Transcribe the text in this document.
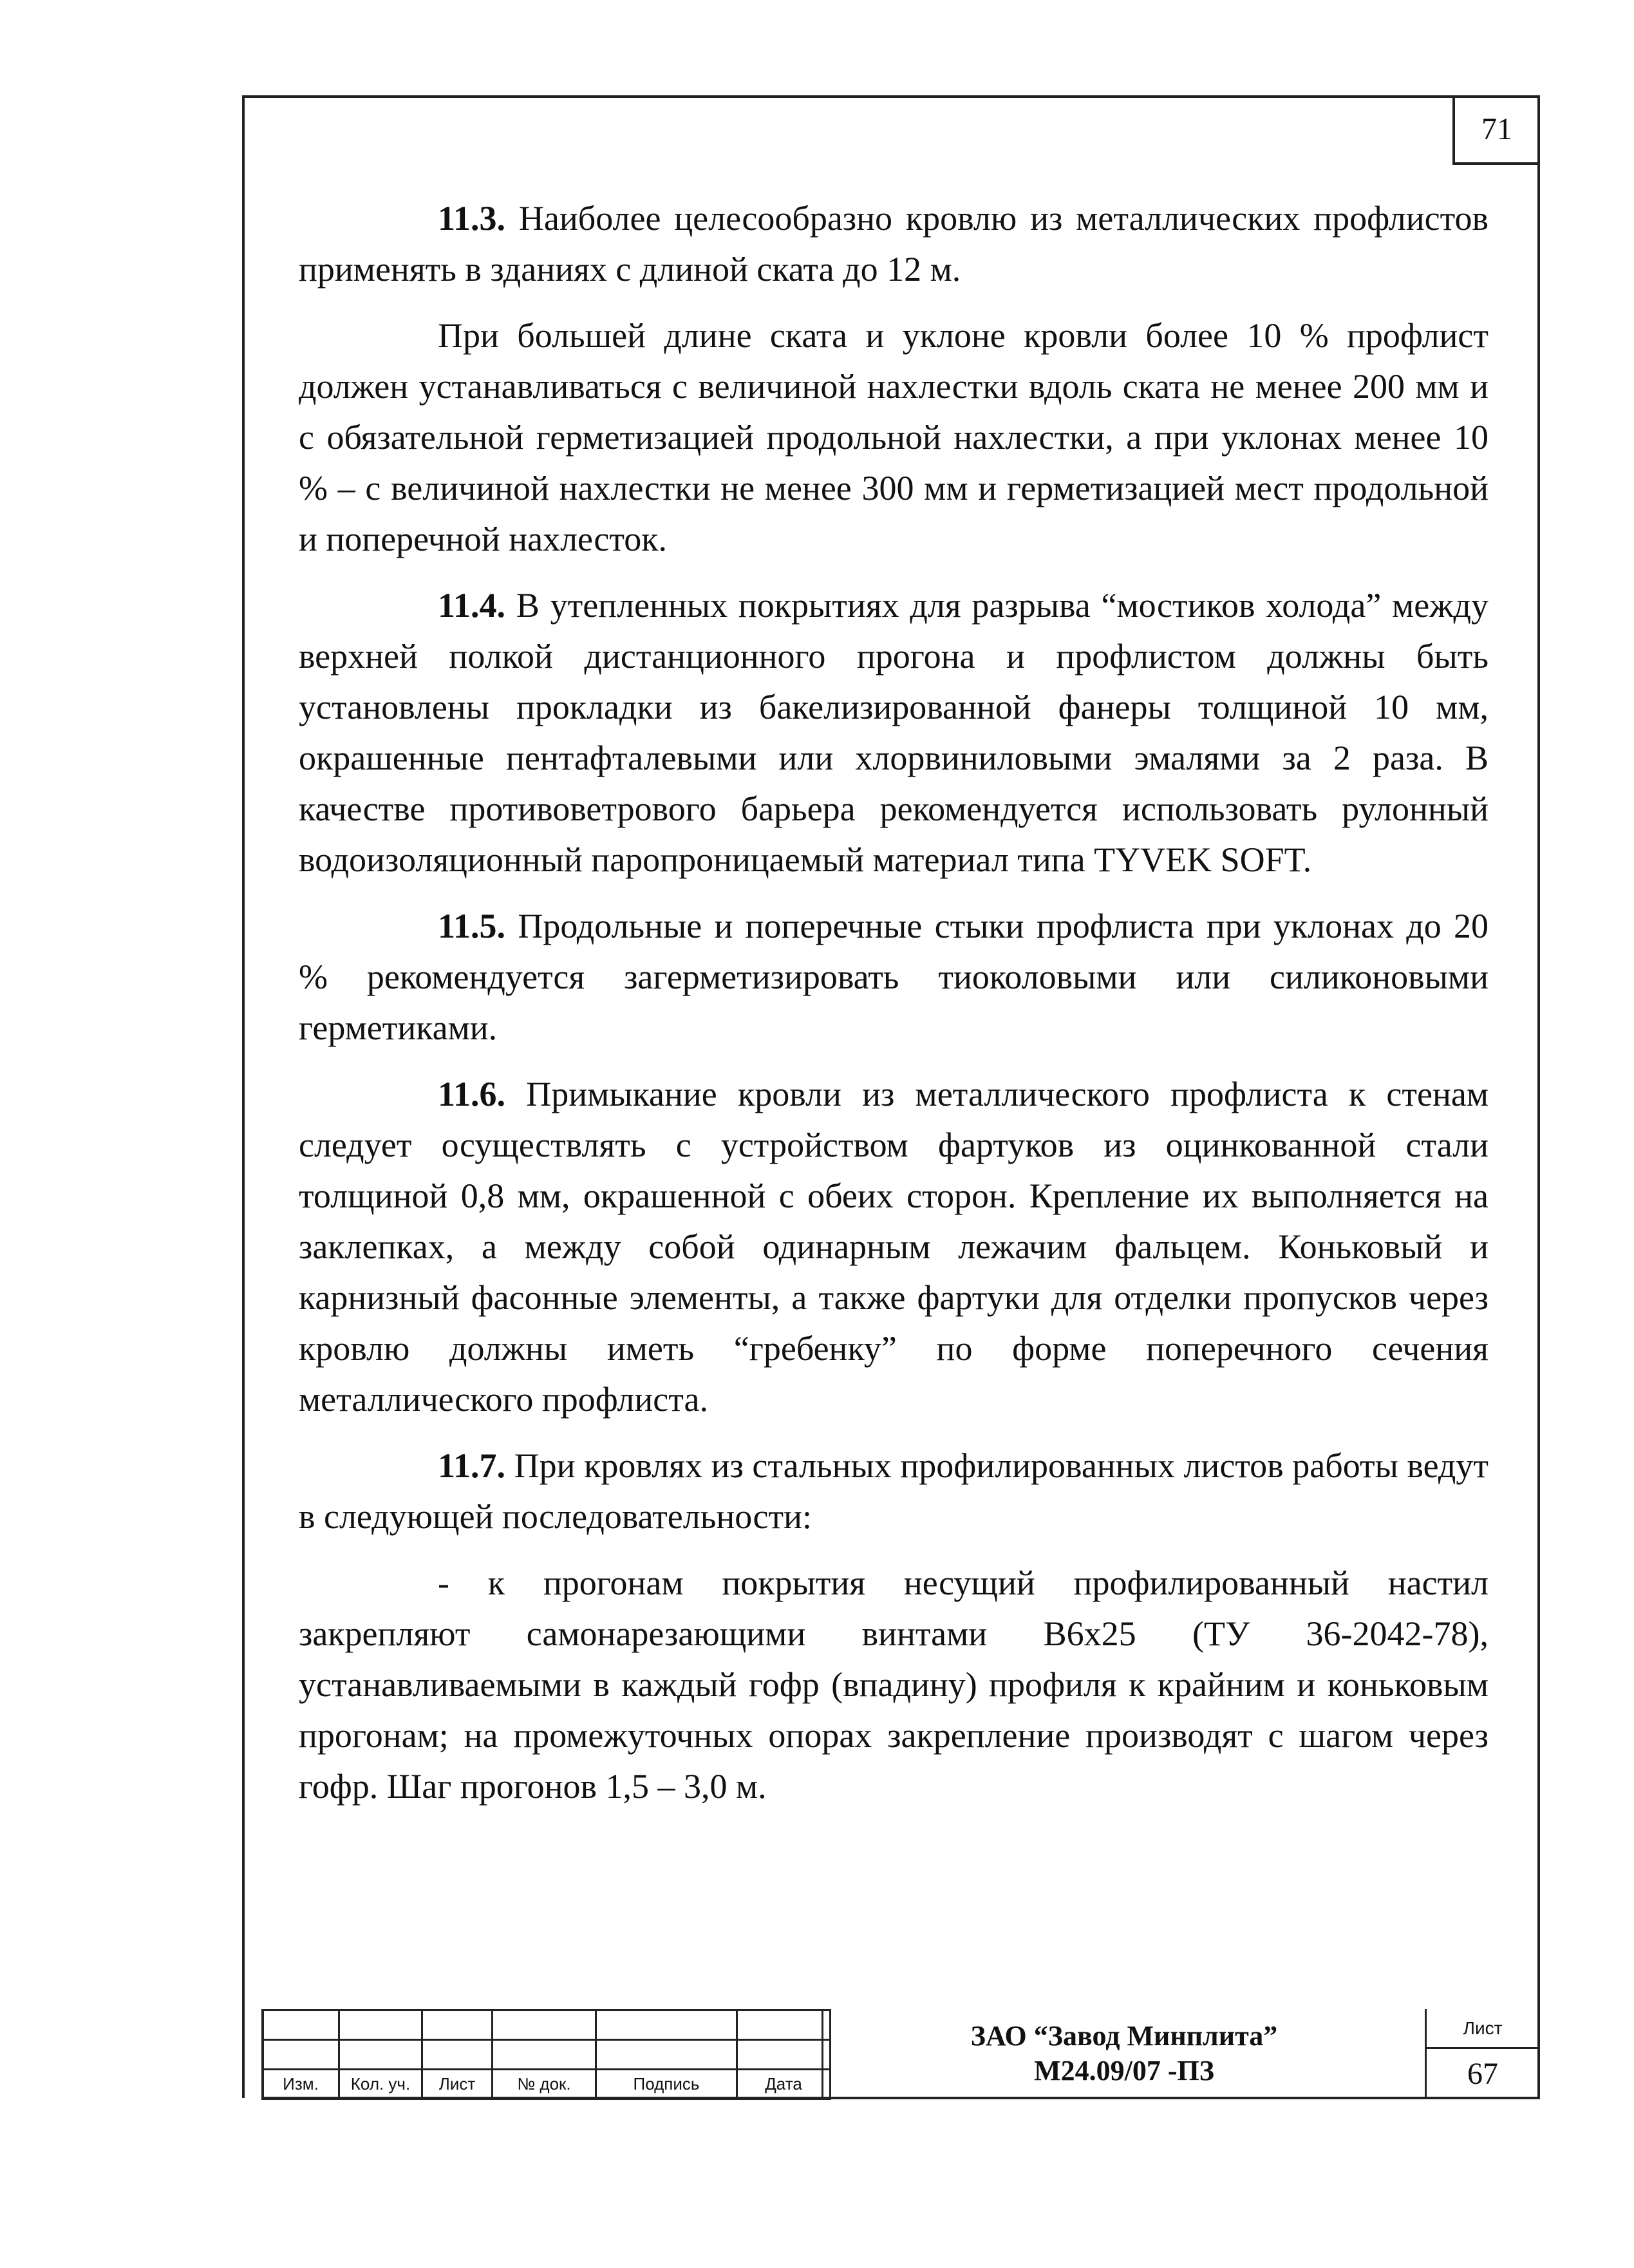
71

11.3. Наиболее целесообразно кровлю из металлических профлистов применять в зданиях с длиной ската до 12 м.

При большей длине ската и уклоне кровли более 10 % профлист должен устанавливаться с величиной нахлестки вдоль ската не менее 200 мм и с обязательной герметизацией продольной нахлестки, а при уклонах менее 10 % – с величиной нахлестки не менее 300 мм и герметизацией мест продольной и поперечной нахлесток.

11.4. В утепленных покрытиях для разрыва “мостиков холода” между верхней полкой дистанционного прогона и профлистом должны быть установлены прокладки из бакелизированной фанеры толщиной 10 мм, окрашенные пентафталевыми или хлорвиниловыми эмалями за 2 раза. В качестве противоветрового барьера рекомендуется использовать рулонный водоизоляционный паропроницаемый материал типа TYVEK SOFT.

11.5. Продольные и поперечные стыки профлиста при уклонах до 20 % рекомендуется загерметизировать тиоколовыми или силиконовыми герметиками.

11.6. Примыкание кровли из металлического профлиста к стенам следует осуществлять с устройством фартуков из оцинкованной стали толщиной 0,8 мм, окрашенной с обеих сторон. Крепление их выполняется на заклепках, а между собой одинарным лежачим фальцем. Коньковый и карнизный фасонные элементы, а также фартуки для отделки пропусков через кровлю должны иметь “гребенку” по форме поперечного сечения металлического профлиста.

11.7. При кровлях из стальных профилированных листов работы ведут в следующей последовательности:

- к прогонам покрытия несущий профилированный настил закрепляют самонарезающими винтами B6x25 (ТУ 36-2042-78), устанавливаемыми в каждый гофр (впадину) профиля к крайним и коньковым прогонам; на промежуточных опорах закрепление производят с шагом через гофр. Шаг прогонов 1,5 – 3,0 м.

Изм.	Кол. уч.	Лист	№ док.	Подпись	Дата
ЗАО “Завод Минплита”
М24.09/07 -ПЗ
Лист
67
